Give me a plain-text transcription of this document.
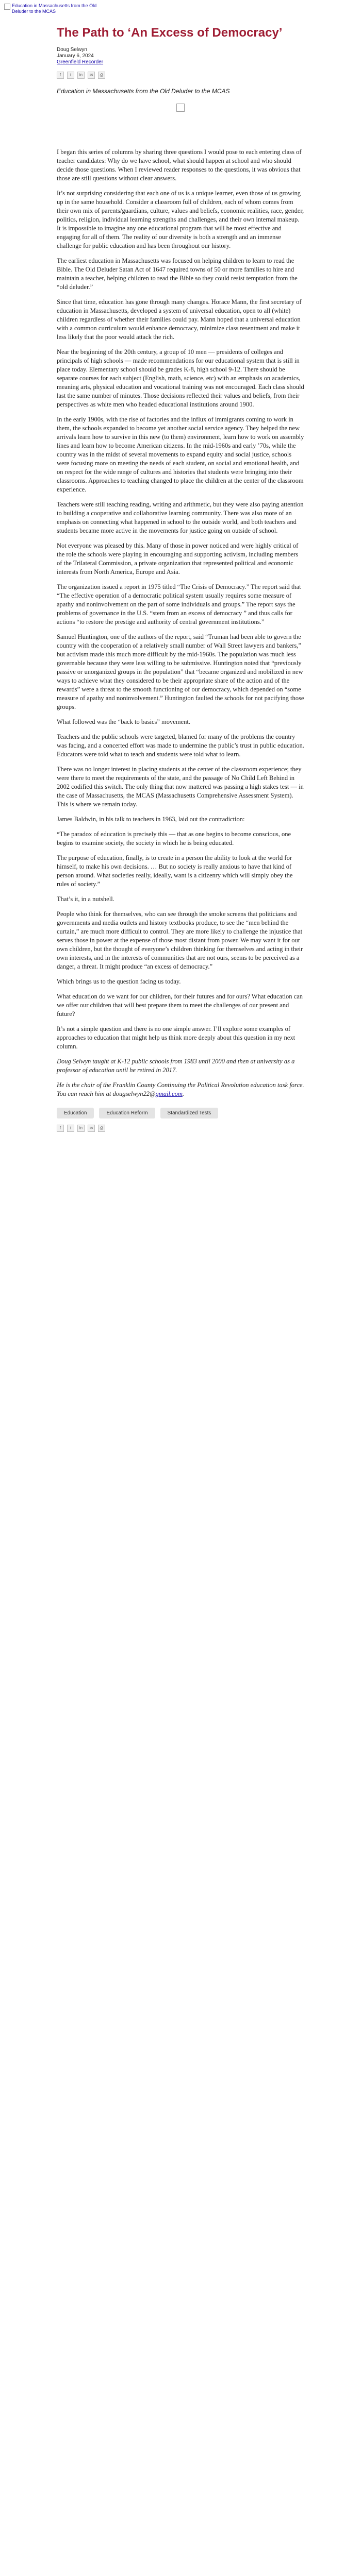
Education in Massachusetts from the Old Deluder to the MCAS
The Path to ‘An Excess of Democracy’
Doug Selwyn
January 6, 2024
Greenfield Recorder
f	t	in	✉	⎙

Education in Massachusetts from the Old Deluder to the MCAS

I began this series of columns by sharing three questions I would pose to each entering class of teacher candidates: Why do we have school, what should happen at school and who should decide those questions. When I reviewed reader responses to the questions, it was obvious that those are still questions without clear answers.

It’s not surprising considering that each one of us is a unique learner, even those of us growing up in the same household. Consider a classroom full of children, each of whom comes from their own mix of parents/guardians, culture, values and beliefs, economic realities, race, gender, politics, religion, individual learning strengths and challenges, and their own internal makeup. It is impossible to imagine any one educational program that will be most effective and engaging for all of them. The reality of our diversity is both a strength and an immense challenge for public education and has been throughout our history.

The earliest education in Massachusetts was focused on helping children to learn to read the Bible. The Old Deluder Satan Act of 1647 required towns of 50 or more families to hire and maintain a teacher, helping children to read the Bible so they could resist temptation from the “old deluder.”

Since that time, education has gone through many changes. Horace Mann, the first secretary of education in Massachusetts, developed a system of universal education, open to all (white) children regardless of whether their families could pay. Mann hoped that a universal education with a common curriculum would enhance democracy, minimize class resentment and make it less likely that the poor would attack the rich.

Near the beginning of the 20th century, a group of 10 men — presidents of colleges and principals of high schools — made recommendations for our educational system that is still in place today. Elementary school should be grades K-8, high school 9-12. There should be separate courses for each subject (English, math, science, etc) with an emphasis on academics, meaning arts, physical education and vocational training was not encouraged. Each class should last the same number of minutes. Those decisions reflected their values and beliefs, from their perspectives as white men who headed educational institutions around 1900.

In the early 1900s, with the rise of factories and the influx of immigrants coming to work in them, the schools expanded to become yet another social service agency. They helped the new arrivals learn how to survive in this new (to them) environment, learn how to work on assembly lines and learn how to become American citizens. In the mid-1960s and early ’70s, while the country was in the midst of several movements to expand equity and social justice, schools were focusing more on meeting the needs of each student, on social and emotional health, and on respect for the wide range of cultures and histories that students were bringing into their classrooms. Approaches to teaching changed to place the children at the center of the classroom experience.

Teachers were still teaching reading, writing and arithmetic, but they were also paying attention to building a cooperative and collaborative learning community. There was also more of an emphasis on connecting what happened in school to the outside world, and both teachers and students became more active in the movements for justice going on outside of school.

Not everyone was pleased by this. Many of those in power noticed and were highly critical of the role the schools were playing in encouraging and supporting activism, including members of the Trilateral Commission, a private organization that represented political and economic interests from North America, Europe and Asia.

The organization issued a report in 1975 titled “The Crisis of Democracy.” The report said that “The effective operation of a democratic political system usually requires some measure of apathy and noninvolvement on the part of some individuals and groups.” The report says the problems of governance in the U.S. “stem from an excess of democracy ” and thus calls for actions “to restore the prestige and authority of central government institutions.”

Samuel Huntington, one of the authors of the report, said “Truman had been able to govern the country with the cooperation of a relatively small number of Wall Street lawyers and bankers,” but activism made this much more difficult by the mid-1960s. The population was much less governable because they were less willing to be submissive. Huntington noted that “previously passive or unorganized groups in the population” that “became organized and mobilized in new ways to achieve what they considered to be their appropriate share of the action and of the rewards” were a threat to the smooth functioning of our democracy, which depended on “some measure of apathy and noninvolvement.” Huntington faulted the schools for not pacifying those groups.

What followed was the “back to basics” movement.

Teachers and the public schools were targeted, blamed for many of the problems the country was facing, and a concerted effort was made to undermine the public’s trust in public education. Educators were told what to teach and students were told what to learn.

There was no longer interest in placing students at the center of the classroom experience; they were there to meet the requirements of the state, and the passage of No Child Left Behind in 2002 codified this switch. The only thing that now mattered was passing a high stakes test — in the case of Massachusetts, the MCAS (Massachusetts Comprehensive Assessment System). This is where we remain today.

James Baldwin, in his talk to teachers in 1963, laid out the contradiction:

“The paradox of education is precisely this — that as one begins to become conscious, one begins to examine society, the society in which he is being educated.

The purpose of education, finally, is to create in a person the ability to look at the world for himself, to make his own decisions. … But no society is really anxious to have that kind of person around. What societies really, ideally, want is a citizenry which will simply obey the rules of society.”

That’s it, in a nutshell.

People who think for themselves, who can see through the smoke screens that politicians and governments and media outlets and history textbooks produce, to see the “men behind the curtain,” are much more difficult to control. They are more likely to challenge the injustice that serves those in power at the expense of those most distant from power. We may want it for our own children, but the thought of everyone’s children thinking for themselves and acting in their own interests, and in the interests of communities that are not ours, seems to be perceived as a danger, a threat. It might produce “an excess of democracy.”

Which brings us to the question facing us today.

What education do we want for our children, for their futures and for ours? What education can we offer our children that will best prepare them to meet the challenges of our present and future?

It’s not a simple question and there is no one simple answer. I’ll explore some examples of approaches to education that might help us think more deeply about this question in my next column.

Doug Selwyn taught at K-12 public schools from 1983 until 2000 and then at university as a professor of education until he retired in 2017.

He is the chair of the Franklin County Continuing the Political Revolution education task force. You can reach him at dougselwyn22@gmail.com.

Education	Education Reform	Standardized Tests
f	t	in	✉	⎙
